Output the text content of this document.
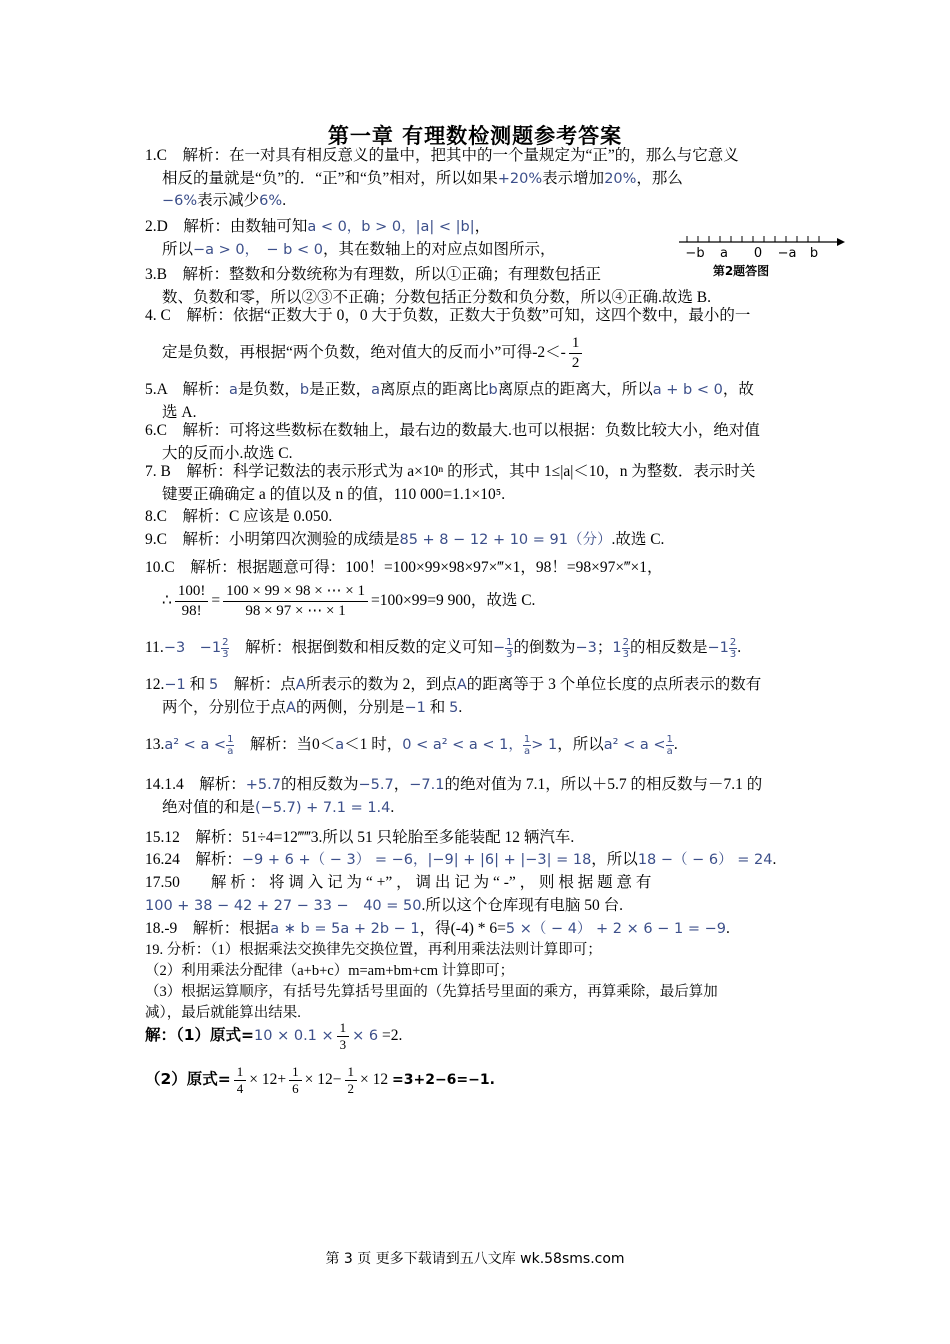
第一章 有理数检测题参考答案

1.C　解析：在一对具有相反意义的量中，把其中的一个量规定为“正”的，那么与它意义

相反的量就是“负”的．“正”和“负”相对，所以如果+20%表示增加20%，那么

−6%表示减少6%.

2.D　解析：由数轴可知a < 0，b > 0，|a| < |b|，

所以−a > 0，　− b < 0，其在数轴上的对应点如图所示，	−b a 0 −a b
第2题答图

3.B　解析：整数和分数统称为有理数，所以①正确；有理数包括正

数、负数和零，所以②③不正确；分数包括正分数和负分数，所以④正确.故选 B.

4. C　解析：依据“正数大于 0，0 大于负数，正数大于负数”可知，这四个数中，最小的一

定是负数，再根据“两个负数，绝对值大的反而小”可得$-2<- \frac{1}{2}$

5.A　解析：a是负数，b是正数，a离原点的距离比b离原点的距离大，所以a + b < 0，故

选 A.

6.C　解析：可将这些数标在数轴上，最右边的数最大.也可以根据：负数比较大小，绝对值

大的反而小.故选 C.

7. B　解析：科学记数法的表示形式为 a×10ⁿ 的形式，其中 1≤|a|＜10，n 为整数．表示时关

键要正确确定 a 的值以及 n 的值，110 000=1.1×10⁵.

8.C　解析：C 应该是 0.050.

9.C　解析：小明第四次测验的成绩是85 + 8 − 12 + 10 = 91（分）.故选 C.

10.C　解析：根据题意可得：100！=100×99×98×97×‴×1，98！=98×97×‴×1，

∴ $\frac{100!}{98!} = \frac{100 \times 99 \times 98 \times \cdots \times 1}{98 \times 97 \times \cdots \times 1} =100\times 99=9$ 900，故选 C.

11.−3　$-1 \frac{2}{3}$ 　解析：根据倒数和相反数的定义可知− $\frac{1}{3}$ 的倒数为−3；$1 \frac{2}{3}$ 的相反数是$-1 \frac{2}{3}$ .

12.−1 和 5　解析：点A所表示的数为 2，到点A的距离等于 3 个单位长度的点所表示的数有

两个，分别位于点A的两侧，分别是−1 和 5.

$13.a^2 < a < \frac{1}{a}$ 　解析：当0＜a＜1 时，0 < a² < a < 1， $\frac{1}{a} > 1$，所以$a^2 < a < \frac{1}{a}$ .

14.1.4　解析：+5.7的相反数为−5.7，−7.1的绝对值为 7.1，所以＋5.7 的相反数与－7.1 的

绝对值的和是(−5.7) + 7.1 = 1.4.

15.12　解析：51÷4=12‴‴3.所以 51 只轮胎至多能装配 12 辆汽车.

16.24　解析：−9 + 6 +（ − 3） = −6，|−9| + |6| + |−3| = 18，所以18 −（ − 6） = 24.

17.50　　解 析 ： 将 调 入 记 为 “ +” ， 调 出 记 为 “ -” ， 则 根 据 题 意 有

100 + 38 − 42 + 27 − 33 −　40 = 50.所以这个仓库现有电脑 50 台.

18.-9　解析：根据a ∗ b = 5a + 2b − 1，得(-4) * 6=5 ×（ − 4） + 2 × 6 − 1 = −9.

19. 分析：（1）根据乘法交换律先交换位置，再利用乘法法则计算即可；

（2）利用乘法分配律（a+b+c）m=am+bm+cm 计算即可；

（3）根据运算顺序，有括号先算括号里面的（先算括号里面的乘方，再算乘除，最后算加

减），最后就能算出结果.

解：（1）原式$=10 \times 0.1 \times \frac{1}{3} \times 6 =2$.

（2）原式= $\frac{1}{4} \times 12+ \frac{1}{6} \times 12- \frac{1}{2} \times 12 =3+2-6=-1$.

第 3 页 更多下载请到五八文库 wk.58sms.com
